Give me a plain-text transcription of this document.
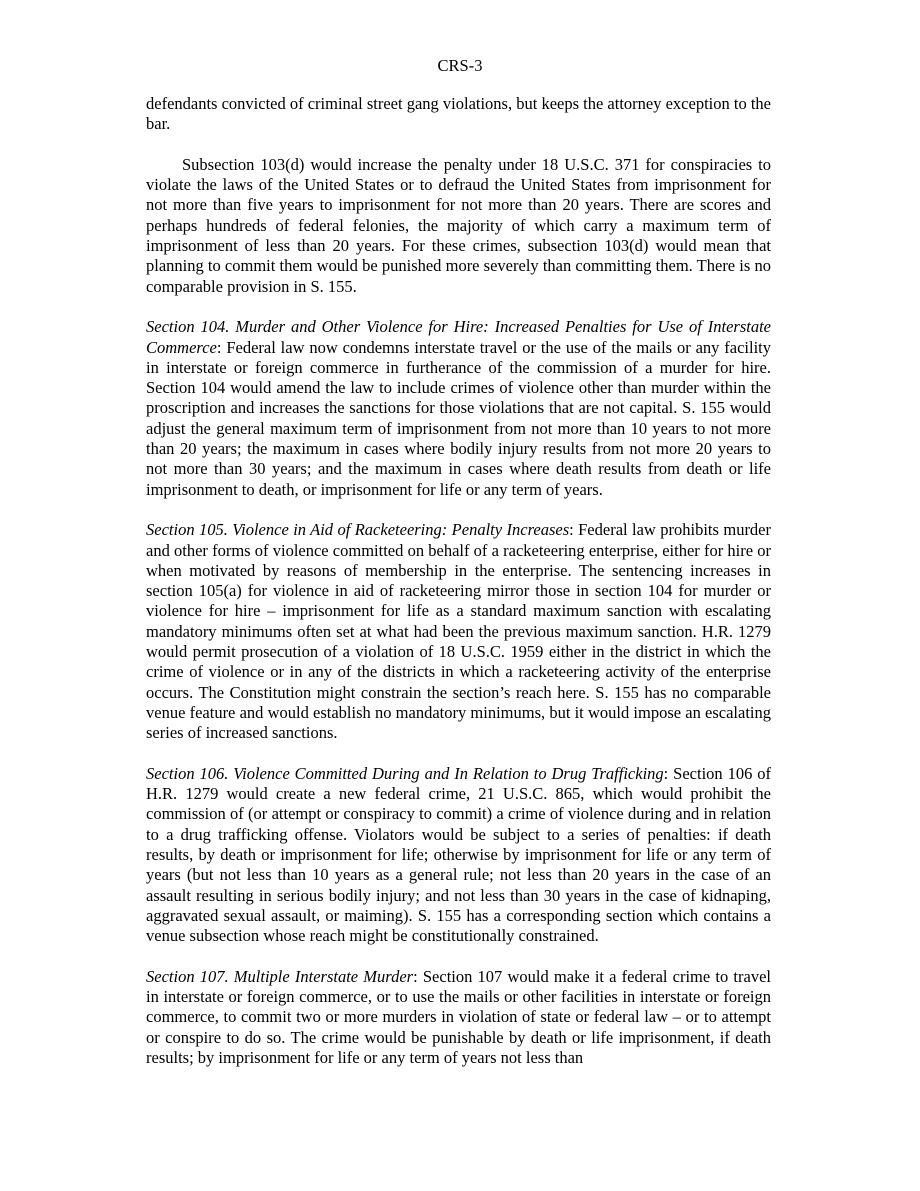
CRS-3

defendants convicted of criminal street gang violations, but keeps the attorney exception to the bar.

Subsection 103(d) would increase the penalty under 18 U.S.C. 371 for conspiracies to violate the laws of the United States or to defraud the United States from imprisonment for not more than five years to imprisonment for not more than 20 years. There are scores and perhaps hundreds of federal felonies, the majority of which carry a maximum term of imprisonment of less than 20 years. For these crimes, subsection 103(d) would mean that planning to commit them would be punished more severely than committing them. There is no comparable provision in S. 155.

Section 104. Murder and Other Violence for Hire: Increased Penalties for Use of Interstate Commerce: Federal law now condemns interstate travel or the use of the mails or any facility in interstate or foreign commerce in furtherance of the commission of a murder for hire. Section 104 would amend the law to include crimes of violence other than murder within the proscription and increases the sanctions for those violations that are not capital. S. 155 would adjust the general maximum term of imprisonment from not more than 10 years to not more than 20 years; the maximum in cases where bodily injury results from not more 20 years to not more than 30 years; and the maximum in cases where death results from death or life imprisonment to death, or imprisonment for life or any term of years.

Section 105. Violence in Aid of Racketeering: Penalty Increases: Federal law prohibits murder and other forms of violence committed on behalf of a racketeering enterprise, either for hire or when motivated by reasons of membership in the enterprise. The sentencing increases in section 105(a) for violence in aid of racketeering mirror those in section 104 for murder or violence for hire – imprisonment for life as a standard maximum sanction with escalating mandatory minimums often set at what had been the previous maximum sanction. H.R. 1279 would permit prosecution of a violation of 18 U.S.C. 1959 either in the district in which the crime of violence or in any of the districts in which a racketeering activity of the enterprise occurs. The Constitution might constrain the section’s reach here. S. 155 has no comparable venue feature and would establish no mandatory minimums, but it would impose an escalating series of increased sanctions.

Section 106. Violence Committed During and In Relation to Drug Trafficking: Section 106 of H.R. 1279 would create a new federal crime, 21 U.S.C. 865, which would prohibit the commission of (or attempt or conspiracy to commit) a crime of violence during and in relation to a drug trafficking offense. Violators would be subject to a series of penalties: if death results, by death or imprisonment for life; otherwise by imprisonment for life or any term of years (but not less than 10 years as a general rule; not less than 20 years in the case of an assault resulting in serious bodily injury; and not less than 30 years in the case of kidnaping, aggravated sexual assault, or maiming). S. 155 has a corresponding section which contains a venue subsection whose reach might be constitutionally constrained.

Section 107. Multiple Interstate Murder: Section 107 would make it a federal crime to travel in interstate or foreign commerce, or to use the mails or other facilities in interstate or foreign commerce, to commit two or more murders in violation of state or federal law – or to attempt or conspire to do so. The crime would be punishable by death or life imprisonment, if death results; by imprisonment for life or any term of years not less than
